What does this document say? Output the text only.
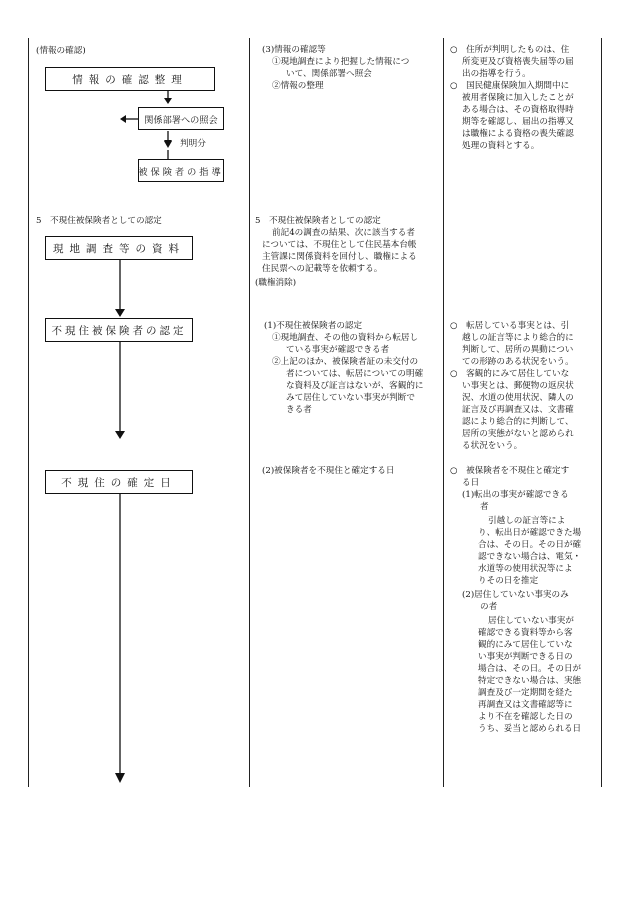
(情報の確認)
情報の確認整理
関係部署への照会
判明分
被保険者の指導
5　不現住被保険者としての認定
現地調査等の資料
不現住被保険者の認定
不現住の確定日
(3)情報の確認等
①現地調査により把握した情報につ
いて、関係部署へ照会
②情報の整理
5　不現住被保険者としての認定
前記4の調査の結果、次に該当する者
については、不現住として住民基本台帳
主管課に関係資料を回付し、職権による
住民票への記載等を依頼する。
(職権消除)
(1)不現住被保険者の認定
①現地調査、その他の資料から転居し
ている事実が確認できる者
②上記のほか、被保険者証の未交付の
者については、転居についての明確
な資料及び証言はないが、客観的に
みて居住していない事実が判断で
きる者
(2)被保険者を不現住と確定する日
○　住所が判明したものは、住
所変更及び資格喪失届等の届
出の指導を行う。
○　国民健康保険加入期間中に
被用者保険に加入したことが
ある場合は、その資格取得時
期等を確認し、届出の指導又
は職権による資格の喪失確認
処理の資料とする。
○　転居している事実とは、引
越しの証言等により総合的に
判断して、居所の異動につい
ての形跡のある状況をいう。
○　客観的にみて居住していな
い事実とは、郵便物の返戻状
況、水道の使用状況、隣人の
証言及び再調査又は、文書確
認により総合的に判断して、
居所の実態がないと認められ
る状況をいう。
○　被保険者を不現住と確定す
る日
(1)転出の事実が確認できる
者
引越しの証言等によ
り、転出日が確認できた場
合は、その日。その日が確
認できない場合は、電気・
水道等の使用状況等によ
りその日を推定
(2)居住していない事実のみ
の者
居住していない事実が
確認できる資料等から客
観的にみて居住していな
い事実が判断できる日の
場合は、その日。その日が
特定できない場合は、実態
調査及び一定期間を経た
再調査又は文書確認等に
より不在を確認した日の
うち、妥当と認められる日
